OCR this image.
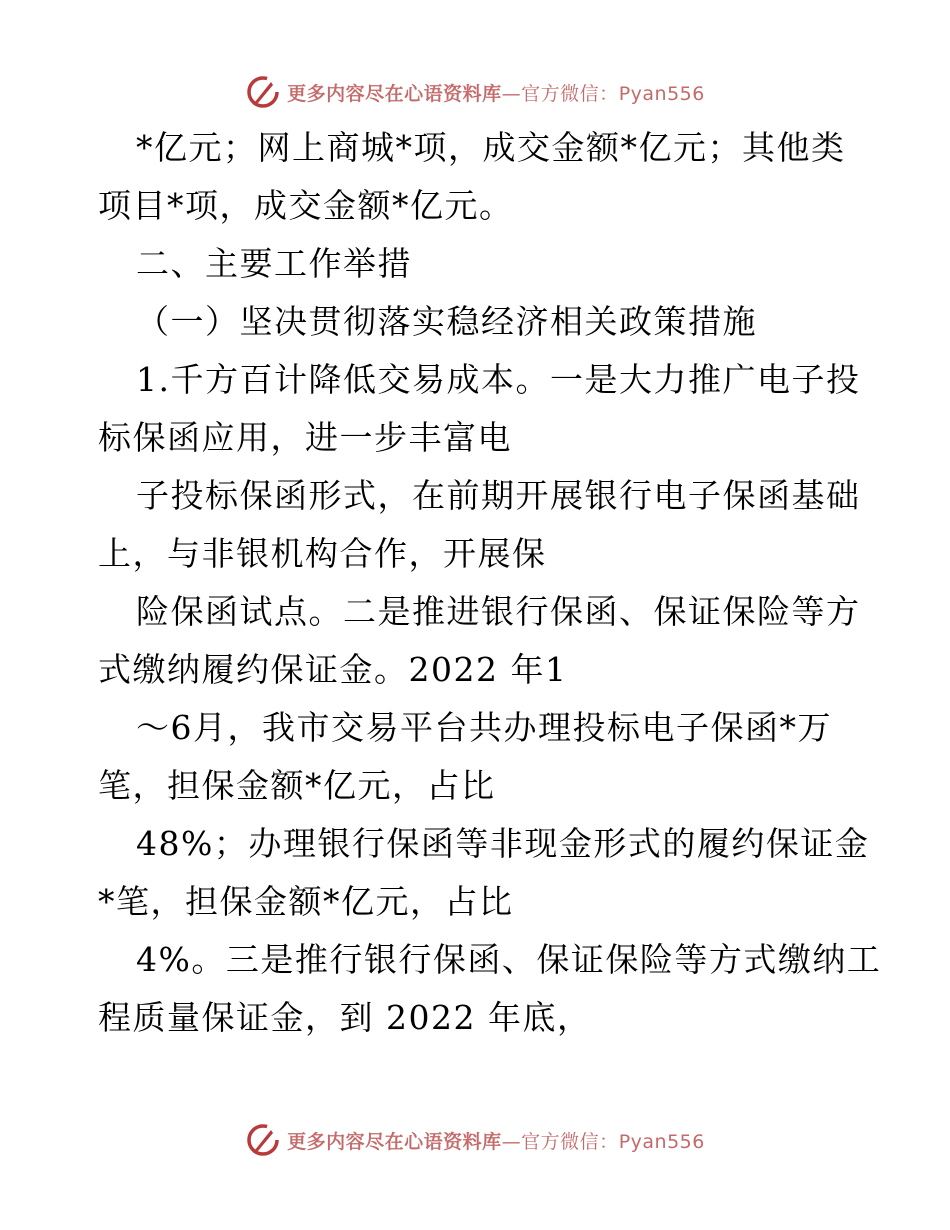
更多内容尽在心语资料库—官方微信：Pyan556
*亿元；网上商城*项，成交金额*亿元；其他类
项目*项，成交金额*亿元。
二、主要工作举措
（一）坚决贯彻落实稳经济相关政策措施
1.千方百计降低交易成本。一是大力推广电子投
标保函应用，进一步丰富电
子投标保函形式，在前期开展银行电子保函基础
上，与非银机构合作，开展保
险保函试点。二是推进银行保函、保证保险等方
式缴纳履约保证金。2022 年1
～6月，我市交易平台共办理投标电子保函*万
笔，担保金额*亿元，占比
48%；办理银行保函等非现金形式的履约保证金
*笔，担保金额*亿元，占比
4%。三是推行银行保函、保证保险等方式缴纳工
程质量保证金，到 2022 年底，
更多内容尽在心语资料库—官方微信：Pyan556
